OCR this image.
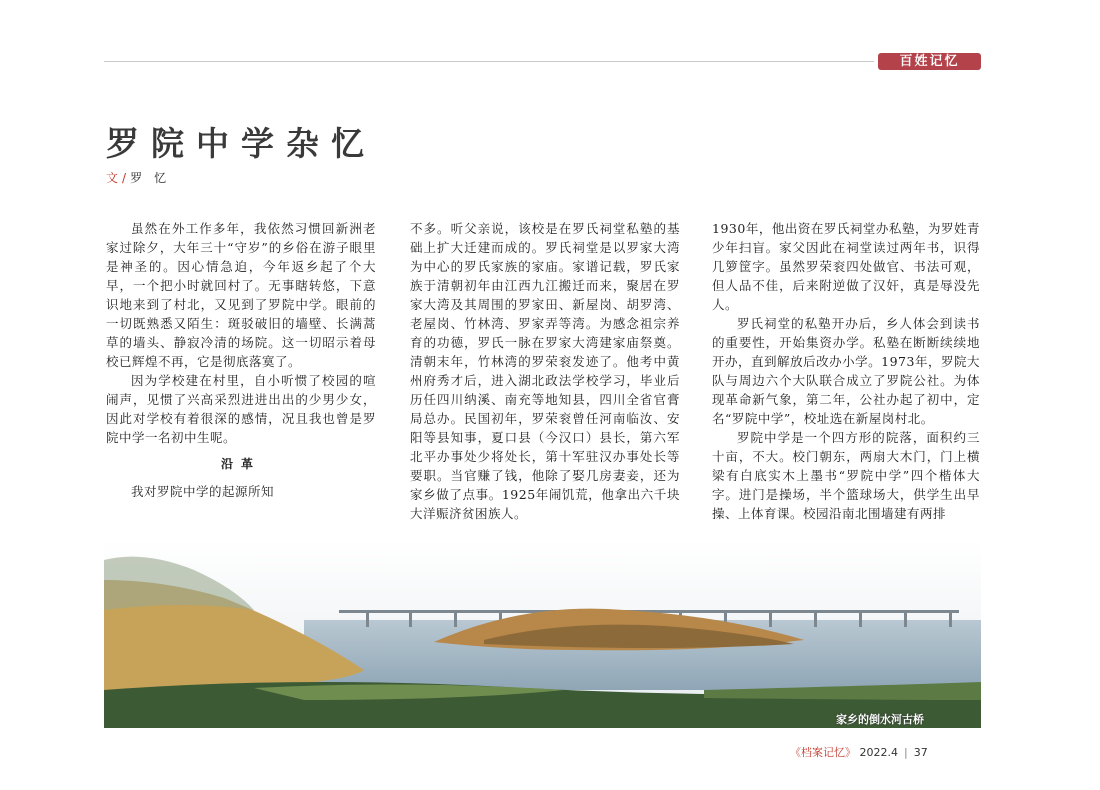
百姓记忆
罗院中学杂忆
文 / 罗忆

虽然在外工作多年，我依然习惯回新洲老家过除夕，大年三十“守岁”的乡俗在游子眼里是神圣的。因心情急迫，今年返乡起了个大早，一个把小时就回村了。无事瞎转悠，下意识地来到了村北，又见到了罗院中学。眼前的一切既熟悉又陌生：斑驳破旧的墙壁、长满蒿草的墙头、静寂冷清的场院。这一切昭示着母校已辉煌不再，它是彻底落寞了。

因为学校建在村里，自小听惯了校园的喧闹声，见惯了兴高采烈进进出出的少男少女，因此对学校有着很深的感情，况且我也曾是罗院中学一名初中生呢。

沿革

我对罗院中学的起源所知

不多。听父亲说，该校是在罗氏祠堂私塾的基础上扩大迁建而成的。罗氏祠堂是以罗家大湾为中心的罗氏家族的家庙。家谱记载，罗氏家族于清朝初年由江西九江搬迁而来，聚居在罗家大湾及其周围的罗家田、新屋岗、胡罗湾、老屋岗、竹林湾、罗家弄等湾。为感念祖宗养育的功德，罗氏一脉在罗家大湾建家庙祭奠。清朝末年，竹林湾的罗荣衮发迹了。他考中黄州府秀才后，进入湖北政法学校学习，毕业后历任四川纳溪、南充等地知县，四川全省官膏局总办。民国初年，罗荣衮曾任河南临汝、安阳等县知事，夏口县（今汉口）县长，第六军北平办事处少将处长，第十军驻汉办事处长等要职。当官赚了钱，他除了娶几房妻妾，还为家乡做了点事。1925年闹饥荒，他拿出六千块大洋赈济贫困族人。

1930年，他出资在罗氏祠堂办私塾，为罗姓青少年扫盲。家父因此在祠堂读过两年书，识得几箩筐字。虽然罗荣衮四处做官、书法可观，但人品不佳，后来附逆做了汉奸，真是辱没先人。

罗氏祠堂的私塾开办后，乡人体会到读书的重要性，开始集资办学。私塾在断断续续地开办，直到解放后改办小学。1973年，罗院大队与周边六个大队联合成立了罗院公社。为体现革命新气象，第二年，公社办起了初中，定名“罗院中学”，校址选在新屋岗村北。

罗院中学是一个四方形的院落，面积约三十亩，不大。校门朝东，两扇大木门，门上横梁有白底实木上墨书“罗院中学”四个楷体大字。进门是操场，半个篮球场大，供学生出早操、上体育课。校园沿南北围墙建有两排

家乡的倒水河古桥
《档案记忆》 2022.4 | 37
